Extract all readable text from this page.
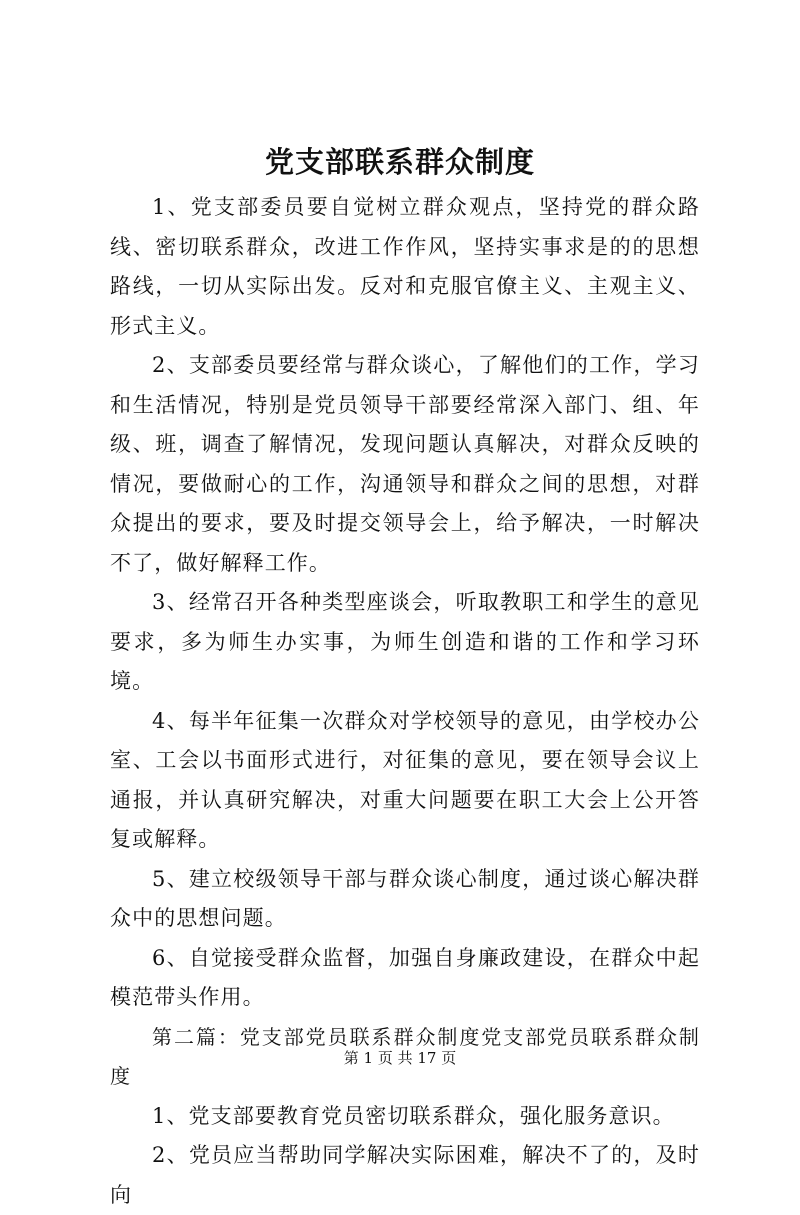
党支部联系群众制度

1、党支部委员要自觉树立群众观点，坚持党的群众路线、密切联系群众，改进工作作风，坚持实事求是的的思想路线，一切从实际出发。反对和克服官僚主义、主观主义、形式主义。

2、支部委员要经常与群众谈心，了解他们的工作，学习和生活情况，特别是党员领导干部要经常深入部门、组、年级、班，调查了解情况，发现问题认真解决，对群众反映的情况，要做耐心的工作，沟通领导和群众之间的思想，对群众提出的要求，要及时提交领导会上，给予解决，一时解决不了，做好解释工作。

3、经常召开各种类型座谈会，听取教职工和学生的意见要求，多为师生办实事，为师生创造和谐的工作和学习环境。

4、每半年征集一次群众对学校领导的意见，由学校办公室、工会以书面形式进行，对征集的意见，要在领导会议上通报，并认真研究解决，对重大问题要在职工大会上公开答复或解释。

5、建立校级领导干部与群众谈心制度，通过谈心解决群众中的思想问题。

6、自觉接受群众监督，加强自身廉政建设，在群众中起模范带头作用。

第二篇：党支部党员联系群众制度党支部党员联系群众制度

1、党支部要教育党员密切联系群众，强化服务意识。

2、党员应当帮助同学解决实际困难，解决不了的，及时向

第 1 页 共 17 页
